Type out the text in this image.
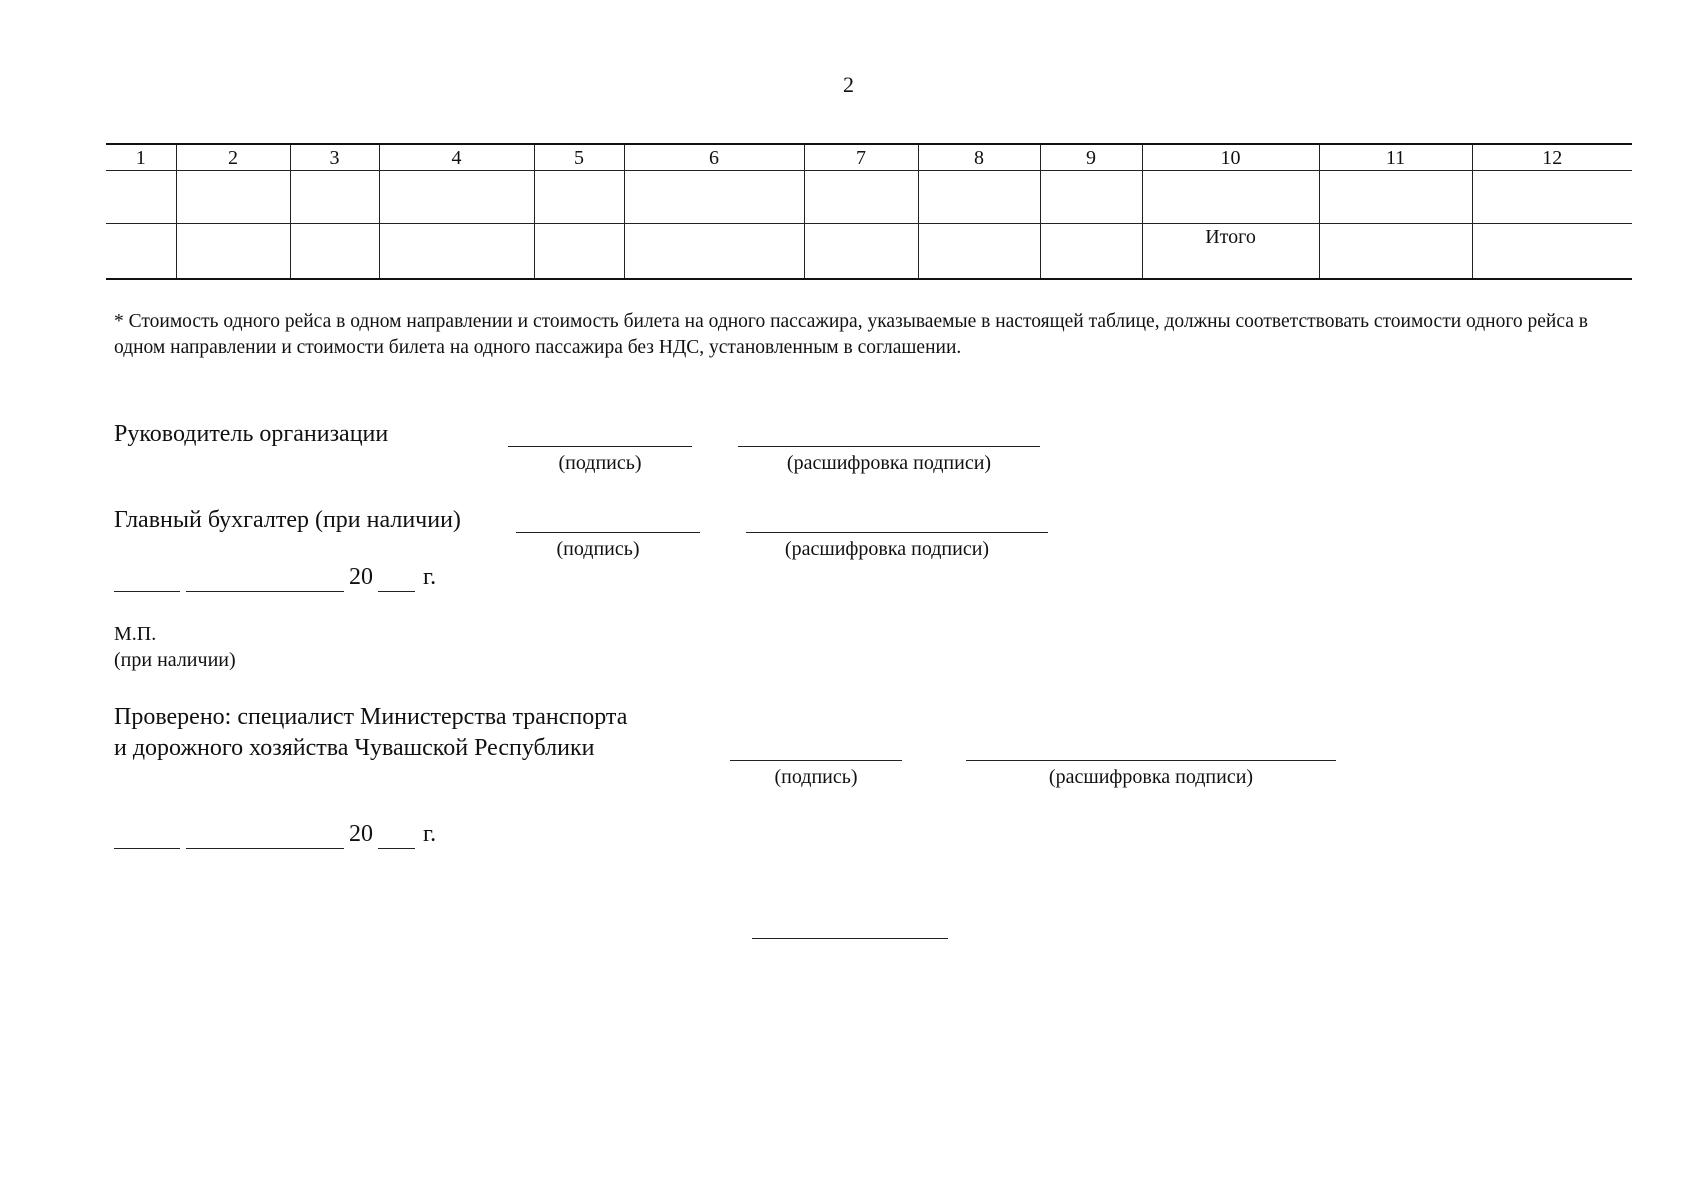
2
1	2	3	4	5	6	7	8	9	10	11	12

									Итого		
* Стоимость одного рейса в одном направлении и стоимость билета на одного пассажира, указываемые в настоящей таблице, должны соответствовать стоимости одного рейса в одном направлении и стоимости билета на одного пассажира без НДС, установленным в соглашении.
Руководитель организации
(подпись)	(расшифровка подписи)
Главный бухгалтер (при наличии)
(подпись)	(расшифровка подписи)
20 г.
М.П.
(при наличии)
Проверено: специалист Министерства транспорта
и дорожного хозяйства Чувашской Республики
(подпись)	(расшифровка подписи)
20 г.
